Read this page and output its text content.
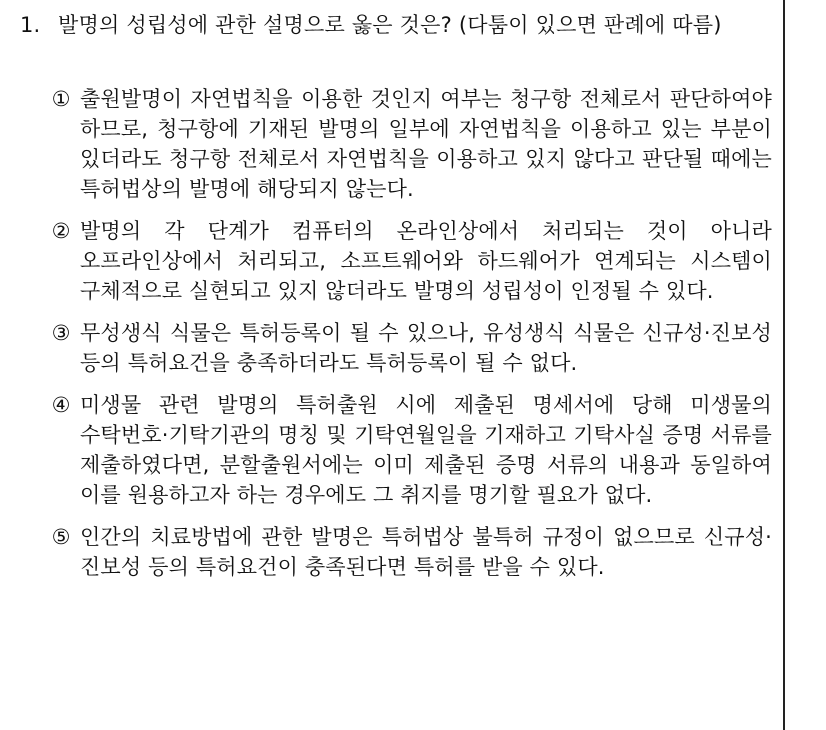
1. 발명의 성립성에 관한 설명으로 옳은 것은? (다툼이 있으면 판례에 따름)
① 출원발명이 자연법칙을 이용한 것인지 여부는 청구항 전체로서 판단하여야 하므로, 청구항에 기재된 발명의 일부에 자연법칙을 이용하고 있는 부분이 있더라도 청구항 전체로서 자연법칙을 이용하고 있지 않다고 판단될 때에는 특허법상의 발명에 해당되지 않는다.
② 발명의 각 단계가 컴퓨터의 온라인상에서 처리되는 것이 아니라 오프라인상에서 처리되고, 소프트웨어와 하드웨어가 연계되는 시스템이 구체적으로 실현되고 있지 않더라도 발명의 성립성이 인정될 수 있다.
③ 무성생식 식물은 특허등록이 될 수 있으나, 유성생식 식물은 신규성·진보성 등의 특허요건을 충족하더라도 특허등록이 될 수 없다.
④ 미생물 관련 발명의 특허출원 시에 제출된 명세서에 당해 미생물의 수탁번호·기탁기관의 명칭 및 기탁연월일을 기재하고 기탁사실 증명 서류를 제출하였다면, 분할출원서에는 이미 제출된 증명 서류의 내용과 동일하여 이를 원용하고자 하는 경우에도 그 취지를 명기할 필요가 없다.
⑤ 인간의 치료방법에 관한 발명은 특허법상 불특허 규정이 없으므로 신규성·진보성 등의 특허요건이 충족된다면 특허를 받을 수 있다.
